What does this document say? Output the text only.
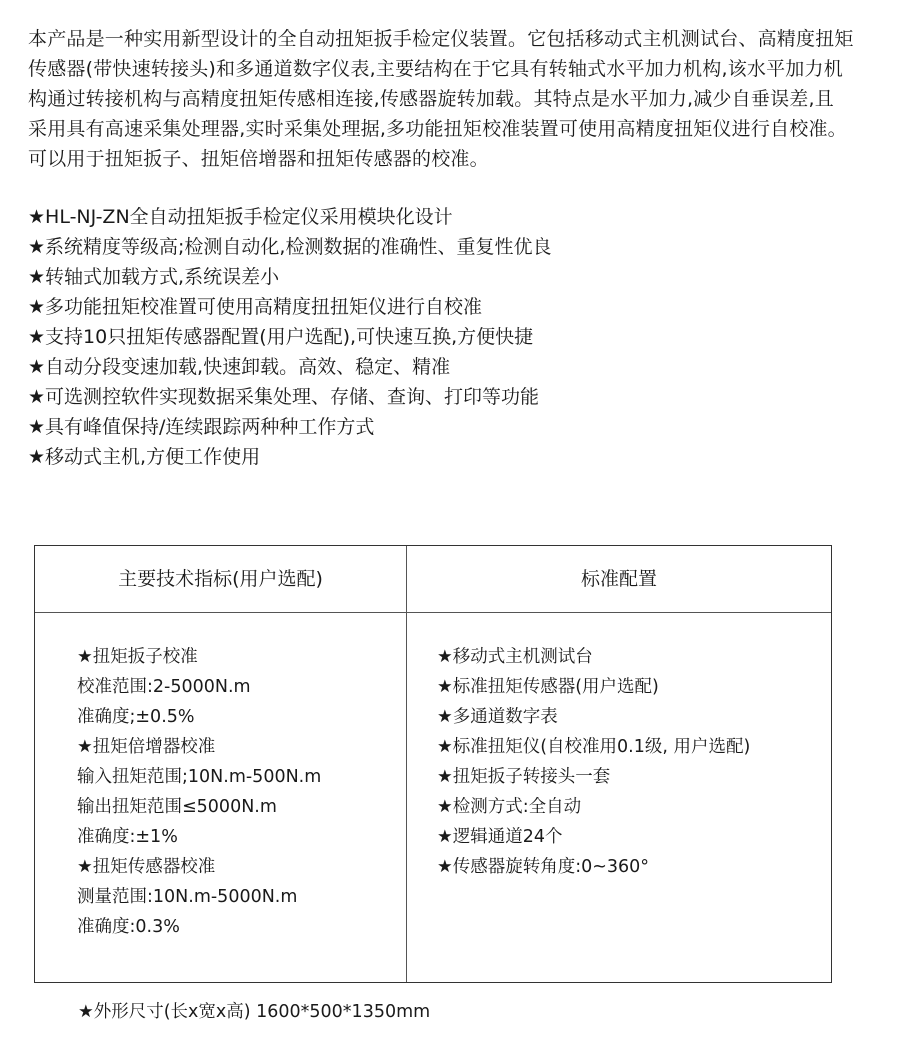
本产品是一种实用新型设计的全自动扭矩扳手检定仪装置。它包括移动式主机测试台、高精度扭矩

传感器(带快速转接头)和多通道数字仪表,主要结构在于它具有转轴式水平加力机构,该水平加力机

构通过转接机构与高精度扭矩传感相连接,传感器旋转加载。其特点是水平加力,减少自垂误差,且

采用具有高速采集处理器,实时采集处理据,多功能扭矩校准装置可使用高精度扭矩仪进行自校准。

可以用于扭矩扳子、扭矩倍增器和扭矩传感器的校准。

★HL-NJ-ZN全自动扭矩扳手检定仪采用模块化设计

★系统精度等级高;检测自动化,检测数据的准确性、重复性优良

★转轴式加载方式,系统误差小

★多功能扭矩校准置可使用高精度扭扭矩仪进行自校准

★支持10只扭矩传感器配置(用户选配),可快速互换,方便快捷

★自动分段变速加载,快速卸载。高效、稳定、精准

★可选测控软件实现数据采集处理、存储、查询、打印等功能

★具有峰值保持/连续跟踪两种种工作方式

★移动式主机,方便工作使用

主要技术指标(用户选配)	标准配置
★扭矩扳子校准
校准范围:2-5000N.m
准确度;±0.5%
★扭矩倍增器校准
输入扭矩范围;10N.m-500N.m
输出扭矩范围≤5000N.m
准确度:±1%
★扭矩传感器校准
测量范围:10N.m-5000N.m
准确度:0.3%
★移动式主机测试台
★标准扭矩传感器(用户选配)
★多通道数字表
★标准扭矩仪(自校准用0.1级, 用户选配)
★扭矩扳子转接头一套
★检测方式:全自动
★逻辑通道24个
★传感器旋转角度:0~360°
★外形尺寸(长x宽x高) 1600*500*1350mm
